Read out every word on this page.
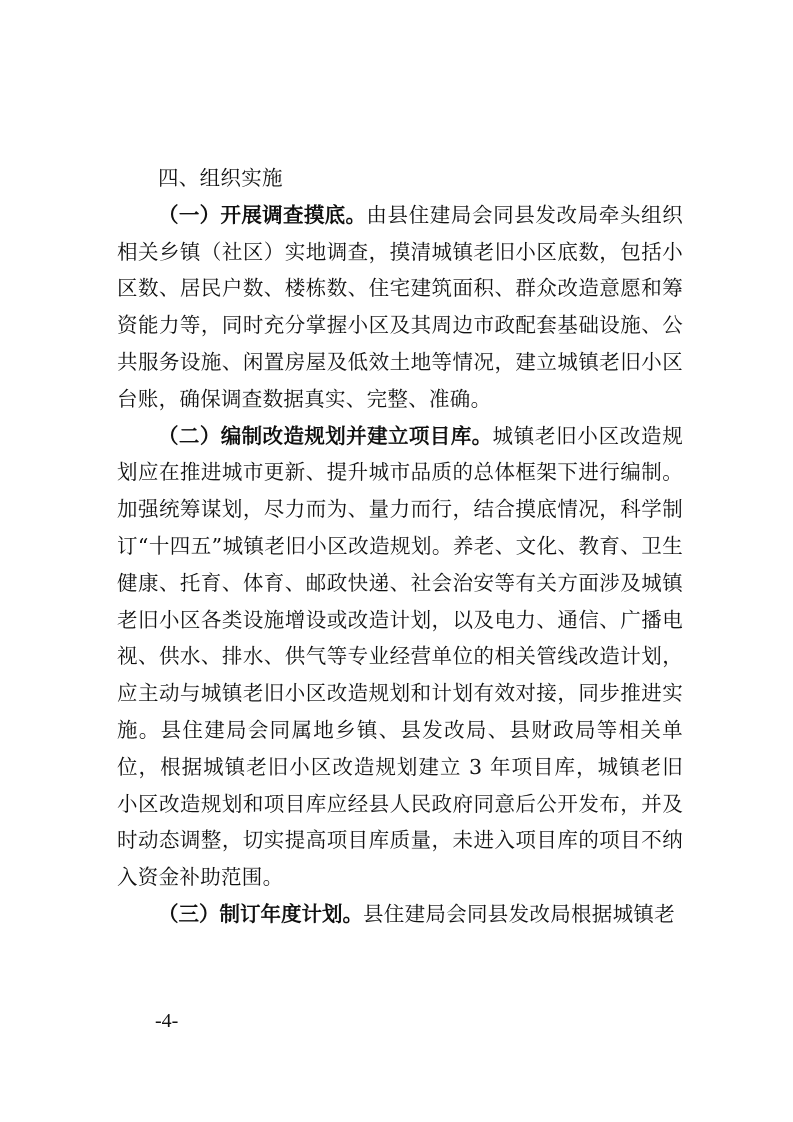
四、组织实施

（一）开展调查摸底。由县住建局会同县发改局牵头组织相关乡镇（社区）实地调查，摸清城镇老旧小区底数，包括小区数、居民户数、楼栋数、住宅建筑面积、群众改造意愿和筹资能力等，同时充分掌握小区及其周边市政配套基础设施、公共服务设施、闲置房屋及低效土地等情况，建立城镇老旧小区台账，确保调查数据真实、完整、准确。

（二）编制改造规划并建立项目库。城镇老旧小区改造规划应在推进城市更新、提升城市品质的总体框架下进行编制。加强统筹谋划，尽力而为、量力而行，结合摸底情况，科学制订“十四五”城镇老旧小区改造规划。养老、文化、教育、卫生健康、托育、体育、邮政快递、社会治安等有关方面涉及城镇老旧小区各类设施增设或改造计划，以及电力、通信、广播电视、供水、排水、供气等专业经营单位的相关管线改造计划，应主动与城镇老旧小区改造规划和计划有效对接，同步推进实施。县住建局会同属地乡镇、县发改局、县财政局等相关单位，根据城镇老旧小区改造规划建立 3 年项目库，城镇老旧小区改造规划和项目库应经县人民政府同意后公开发布，并及时动态调整，切实提高项目库质量，未进入项目库的项目不纳入资金补助范围。

（三）制订年度计划。县住建局会同县发改局根据城镇老

-4-
